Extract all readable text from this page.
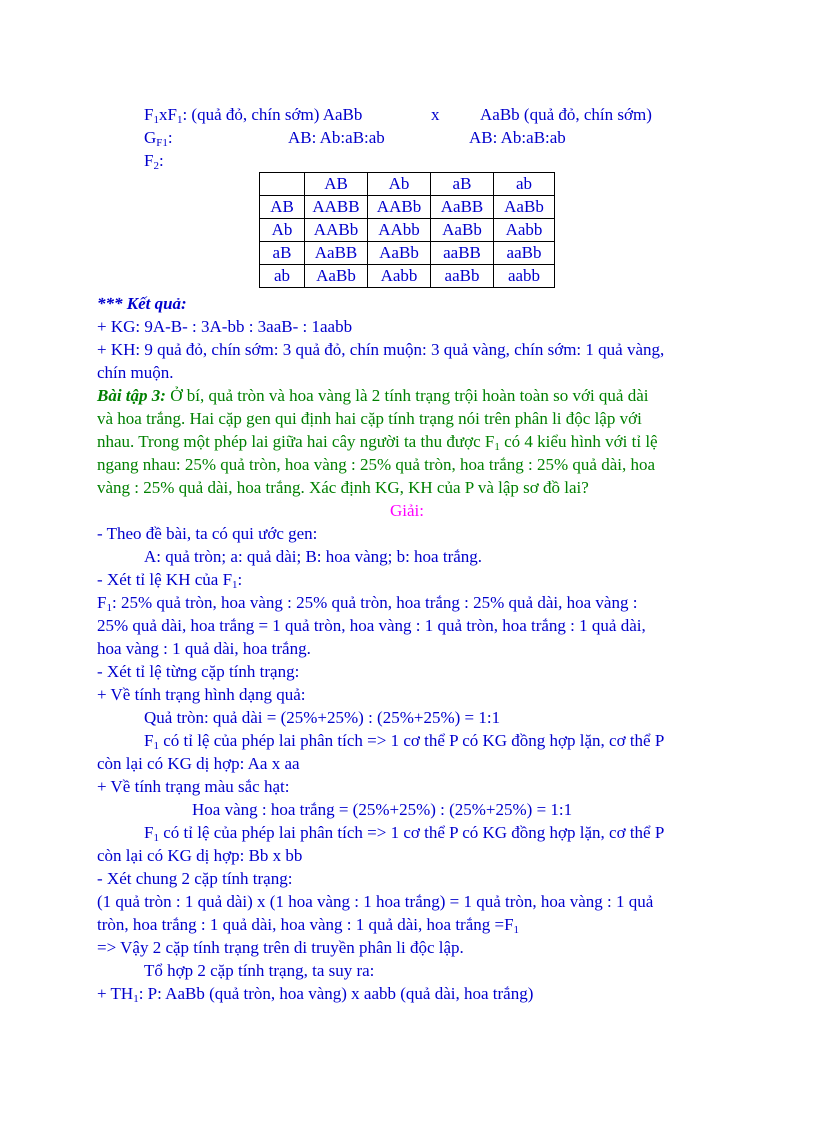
$F_1xF_1$: (quả đỏ, chín sớm) AaBb	x AaBb (quả đỏ, chín sớm)
$G_{F1}$:	AB: Ab:aB:ab	AB: Ab:aB:ab
$F_2$:
	AB	Ab	aB	ab
AB	AABB	AABb	AaBB	AaBb
Ab	AABb	AAbb	AaBb	Aabb
aB	AaBB	AaBb	aaBB	aaBb
ab	AaBb	Aabb	aaBb	aabb
*** Kết quả:
+ KG: 9A-B- : 3A-bb : 3aaB- : 1aabb
+ KH: 9 quả đỏ, chín sớm: 3 quả đỏ, chín muộn: 3 quả vàng, chín sớm: 1 quả vàng,
chín muộn.
Bài tập 3: Ở bí, quả tròn và hoa vàng là 2 tính trạng trội hoàn toàn so với quả dài
và hoa trắng. Hai cặp gen qui định hai cặp tính trạng nói trên phân li độc lập với
nhau. Trong một phép lai giữa hai cây người ta thu được $F_1$ có 4 kiểu hình với tỉ lệ
ngang nhau: 25% quả tròn, hoa vàng : 25% quả tròn, hoa trắng : 25% quả dài, hoa
vàng : 25% quả dài, hoa trắng. Xác định KG, KH của P và lập sơ đồ lai?
Giải:
- Theo đề bài, ta có qui ước gen:
A: quả tròn; a: quả dài; B: hoa vàng; b: hoa trắng.
- Xét tỉ lệ KH của $F_1$:
$F_1$: 25% quả tròn, hoa vàng : 25% quả tròn, hoa trắng : 25% quả dài, hoa vàng :
25% quả dài, hoa trắng = 1 quả tròn, hoa vàng : 1 quả tròn, hoa trắng : 1 quả dài,
hoa vàng : 1 quả dài, hoa trắng.
- Xét tỉ lệ từng cặp tính trạng:
+ Về tính trạng hình dạng quả:
Quả tròn: quả dài = (25%+25%) : (25%+25%) = 1:1
$F_1$ có tỉ lệ của phép lai phân tích => 1 cơ thể P có KG đồng hợp lặn, cơ thể P
còn lại có KG dị hợp: Aa x aa
+ Về tính trạng màu sắc hạt:
Hoa vàng : hoa trắng = (25%+25%) : (25%+25%) = 1:1
$F_1$ có tỉ lệ của phép lai phân tích => 1 cơ thể P có KG đồng hợp lặn, cơ thể P
còn lại có KG dị hợp: Bb x bb
- Xét chung 2 cặp tính trạng:
(1 quả tròn : 1 quả dài) x (1 hoa vàng : 1 hoa trắng) = 1 quả tròn, hoa vàng : 1 quả
tròn, hoa trắng : 1 quả dài, hoa vàng : 1 quả dài, hoa trắng $=F_1$
=> Vậy 2 cặp tính trạng trên di truyền phân li độc lập.
Tổ hợp 2 cặp tính trạng, ta suy ra:
+ $TH_1$: P: AaBb (quả tròn, hoa vàng) x aabb (quả dài, hoa trắng)
